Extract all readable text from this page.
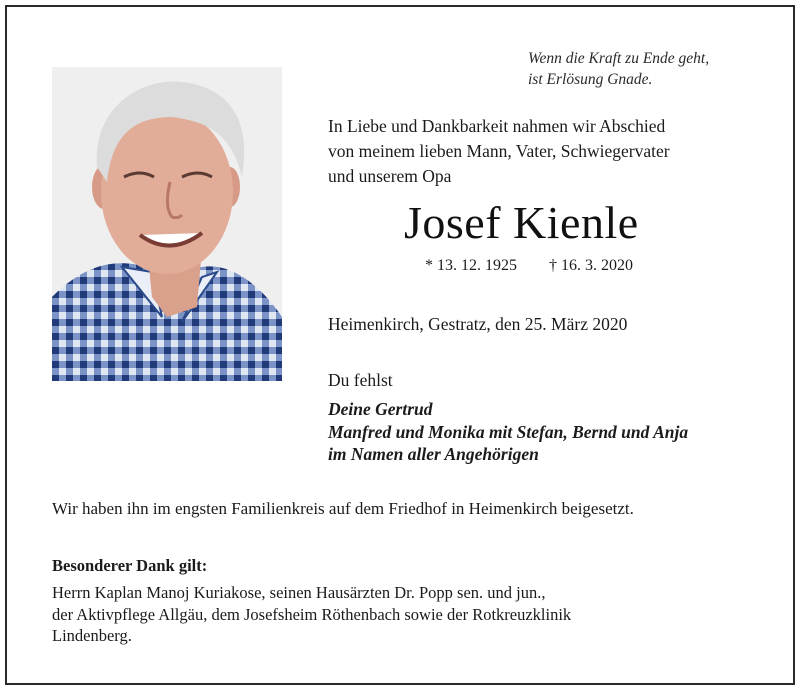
Wenn die Kraft zu Ende geht,
ist Erlösung Gnade.
In Liebe und Dankbarkeit nahmen wir Abschied
von meinem lieben Mann, Vater, Schwiegervater
und unserem Opa
Josef Kienle
* 13. 12. 1925 † 16. 3. 2020
Heimenkirch, Gestratz, den 25. März 2020
Du fehlst
Deine Gertrud
Manfred und Monika mit Stefan, Bernd und Anja
im Namen aller Angehörigen
Wir haben ihn im engsten Familienkreis auf dem Friedhof in Heimenkirch beigesetzt.
Besonderer Dank gilt:
Herrn Kaplan Manoj Kuriakose, seinen Hausärzten Dr. Popp sen. und jun.,
der Aktivpflege Allgäu, dem Josefsheim Röthenbach sowie der Rotkreuzklinik
Lindenberg.
